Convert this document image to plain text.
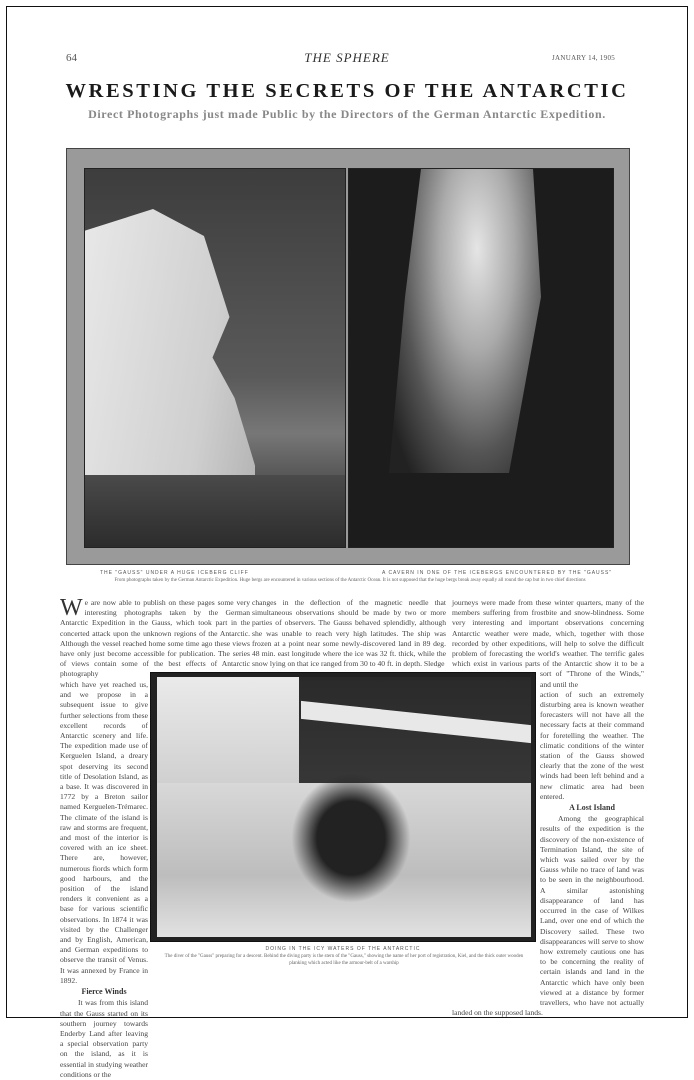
64	THE SPHERE	JANUARY 14, 1905
WRESTING THE SECRETS OF THE ANTARCTIC
Direct Photographs just made Public by the Directors of the German Antarctic Expedition.
THE "GAUSS" UNDER A HUGE ICEBERG CLIFF	A CAVERN IN ONE OF THE ICEBERGS ENCOUNTERED BY THE "GAUSS"
From photographs taken by the German Antarctic Expedition. Huge bergs are encountered in various sections of the Antarctic Ocean. It is not supposed that the huge bergs break away equally all round the cap but in two chief directions
W e are now able to publish on these pages some very interesting photographs taken by the German Antarctic Expedition in the Gauss, which took part in the concerted attack upon the unknown regions of the Antarctic. Although the vessel reached home some time ago these views have only just become accessible for publication. The series of views contain some of the best effects of Antarctic photography

which have yet reached us, and we propose in a subsequent issue to give further selections from these excellent records of Antarctic scenery and life. The expedition made use of Kerguelen Island, a dreary spot deserving its second title of Desolation Island, as a base. It was discovered in 1772 by a Breton sailor named Kerguelen-Trémarec. The climate of the island is raw and storms are frequent, and most of the interior is covered with an ice sheet. There are, however, numerous fiords which form good harbours, and the position of the island renders it convenient as a base for various scientific observations. In 1874 it was visited by the Challenger and by English, American, and German expeditions to observe the transit of Venus. It was annexed by France in 1892.

Fierce Winds

It was from this island that the Gauss started on its southern journey towards Enderby Land after leaving a special observation party on the island, as it is essential in studying weather conditions or the

changes in the deflection of the magnetic needle that simultaneous observations should be made by two or more parties of observers. The Gauss behaved splendidly, although she was unable to reach very high latitudes. The ship was frozen at a point near some newly-discovered land in 89 deg. 48 min. east longitude where the ice was 32 ft. thick, while the snow lying on that ice ranged from 30 to 40 ft. in depth. Sledge

journeys were made from these winter quarters, many of the members suffering from frostbite and snow-blindness. Some very interesting and important observations concerning Antarctic weather were made, which, together with those recorded by other expeditions, will help to solve the difficult problem of forecasting the world's weather. The terrific gales which exist in various parts of the Antarctic show it to be a sort of "Throne of the Winds," and until the

action of such an extremely disturbing area is known weather forecasters will not have all the necessary facts at their command for foretelling the weather. The climatic conditions of the winter station of the Gauss showed clearly that the zone of the west winds had been left behind and a new climatic area had been entered.

A Lost Island

Among the geographical results of the expedition is the discovery of the non-existence of Termination Island, the site of which was sailed over by the Gauss while no trace of land was to be seen in the neighbourhood. A similar astonishing disappearance of land has occurred in the case of Wilkes Land, over one end of which the Discovery sailed. These two disappearances will serve to show how extremely cautious one has to be concerning the reality of certain islands and land in the Antarctic which have only been viewed at a distance by former travellers, who have not actually landed on the supposed lands.

DOING IN THE ICY WATERS OF THE ANTARCTIC
The diver of the "Gauss" preparing for a descent. Behind the diving party is the stern of the "Gauss," showing the name of her port of registration, Kiel, and the thick outer wooden planking which acted like the armour-belt of a warship
